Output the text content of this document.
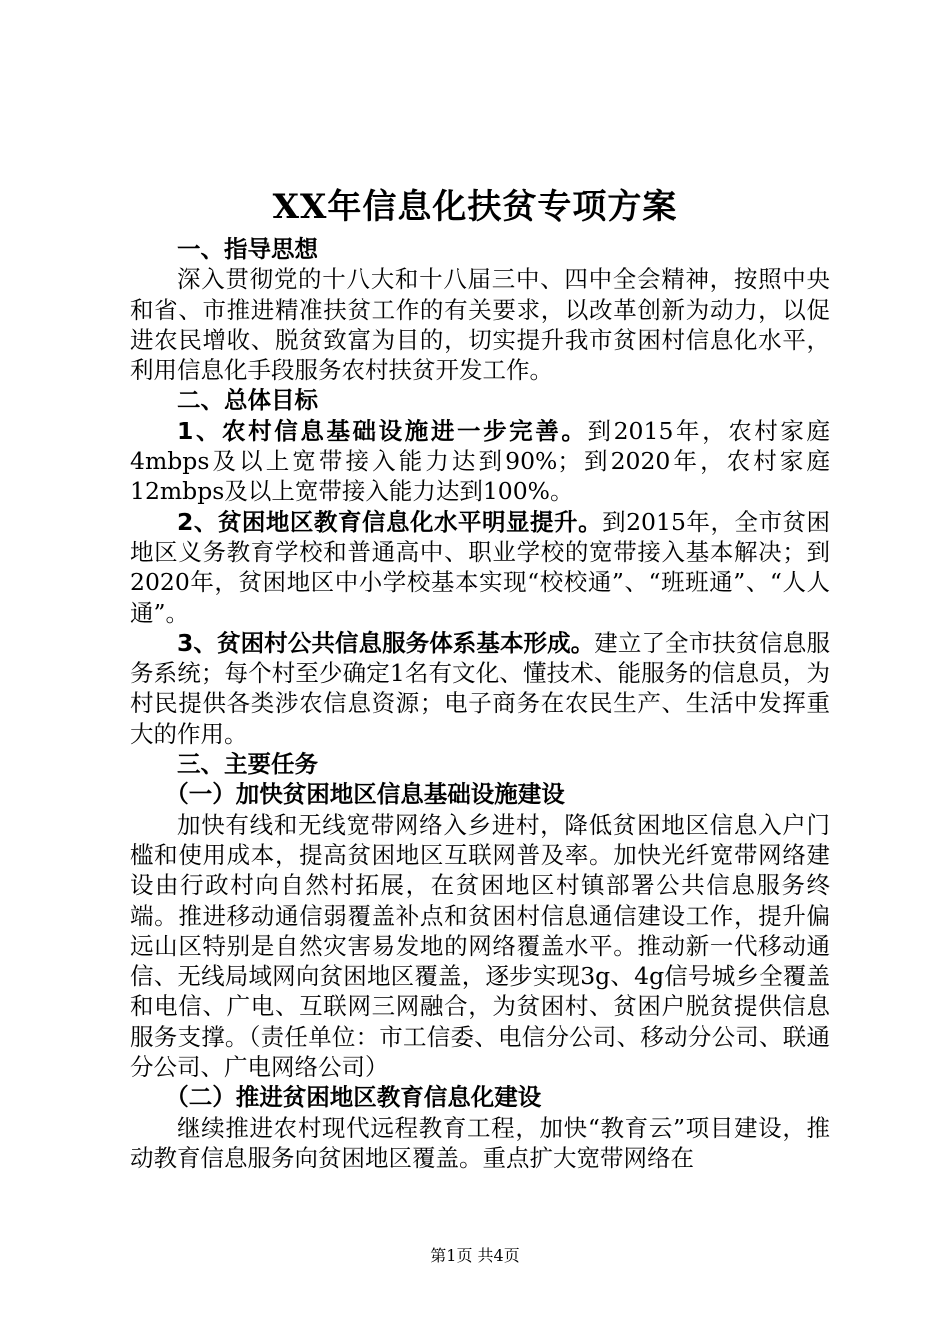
XX年信息化扶贫专项方案

一、指导思想

深入贯彻党的十八大和十八届三中、四中全会精神，按照中央和省、市推进精准扶贫工作的有关要求，以改革创新为动力，以促进农民增收、脱贫致富为目的，切实提升我市贫困村信息化水平，利用信息化手段服务农村扶贫开发工作。

二、总体目标

1、农村信息基础设施进一步完善。到2015年，农村家庭4mbps及以上宽带接入能力达到90%；到2020年，农村家庭12mbps及以上宽带接入能力达到100%。

2、贫困地区教育信息化水平明显提升。到2015年，全市贫困地区义务教育学校和普通高中、职业学校的宽带接入基本解决；到2020年，贫困地区中小学校基本实现“校校通”、“班班通”、“人人通”。

3、贫困村公共信息服务体系基本形成。建立了全市扶贫信息服务系统；每个村至少确定1名有文化、懂技术、能服务的信息员，为村民提供各类涉农信息资源；电子商务在农民生产、生活中发挥重大的作用。

三、主要任务

（一）加快贫困地区信息基础设施建设

加快有线和无线宽带网络入乡进村，降低贫困地区信息入户门槛和使用成本，提高贫困地区互联网普及率。加快光纤宽带网络建设由行政村向自然村拓展，在贫困地区村镇部署公共信息服务终端。推进移动通信弱覆盖补点和贫困村信息通信建设工作，提升偏远山区特别是自然灾害易发地的网络覆盖水平。推动新一代移动通信、无线局域网向贫困地区覆盖，逐步实现3g、4g信号城乡全覆盖和电信、广电、互联网三网融合，为贫困村、贫困户脱贫提供信息服务支撑。（责任单位：市工信委、电信分公司、移动分公司、联通分公司、广电网络公司）

（二）推进贫困地区教育信息化建设

继续推进农村现代远程教育工程，加快“教育云”项目建设，推动教育信息服务向贫困地区覆盖。重点扩大宽带网络在

第1页 共4页
